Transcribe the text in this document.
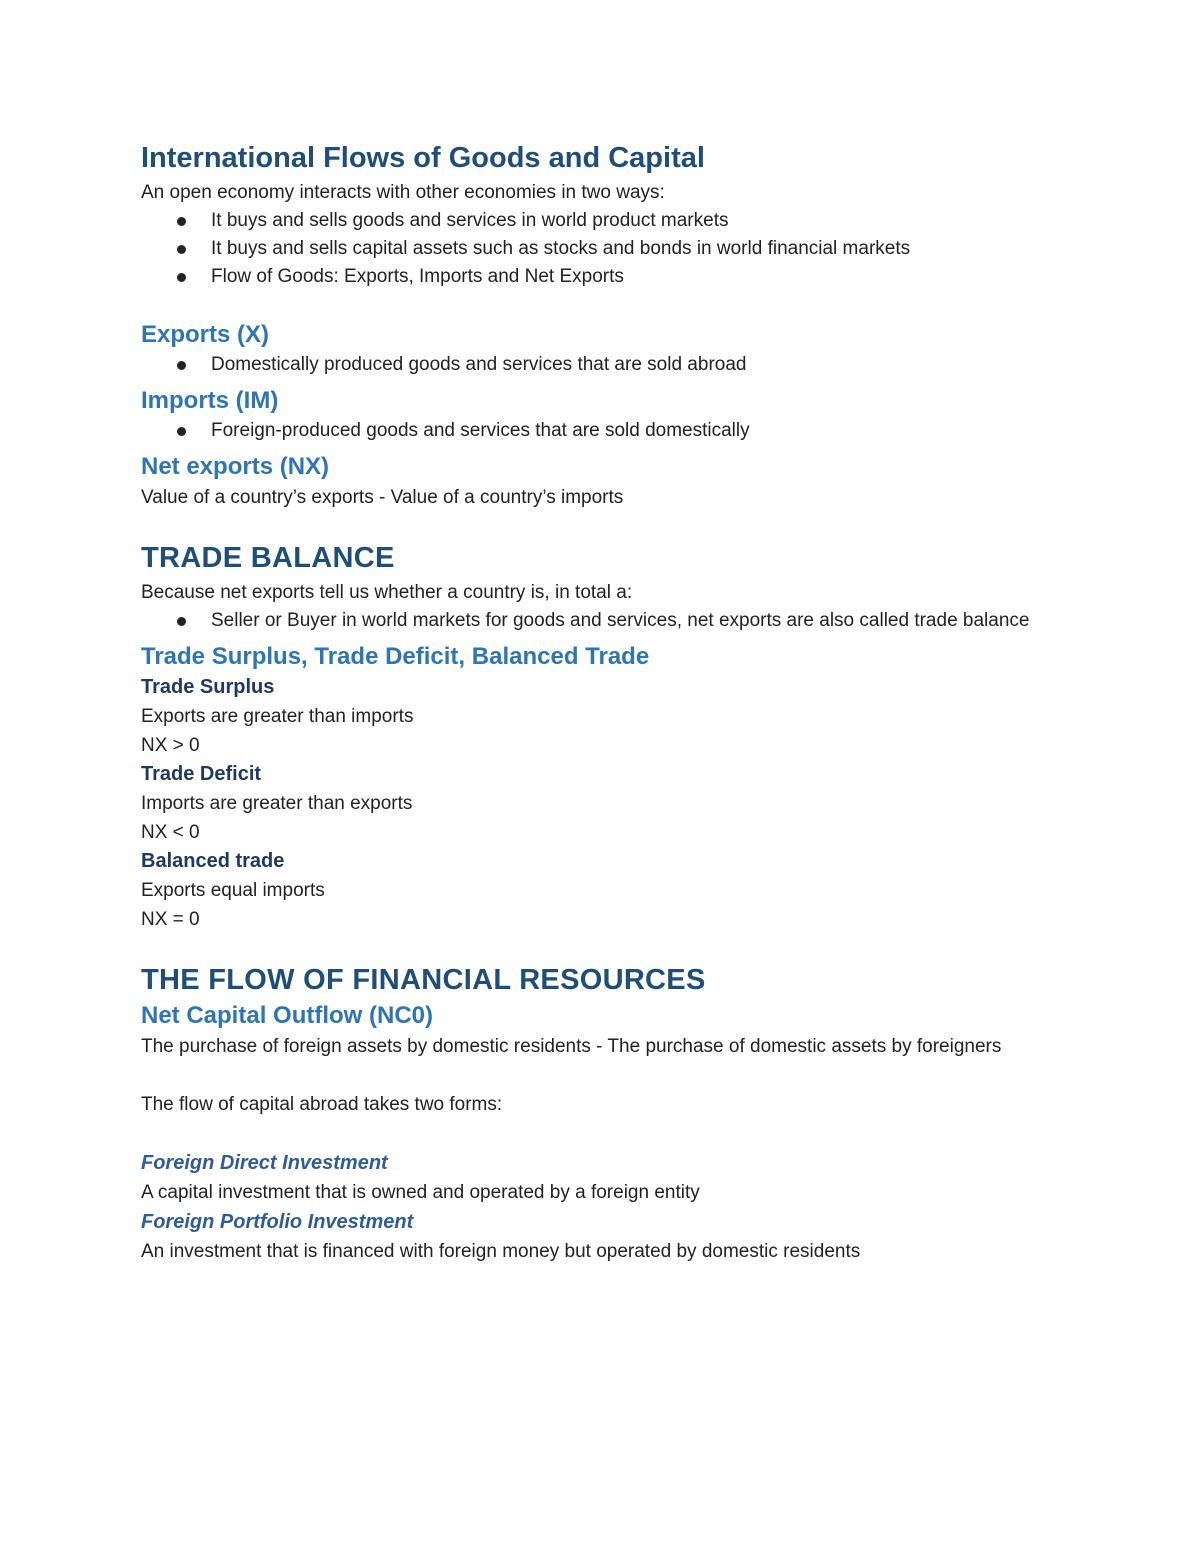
International Flows of Goods and Capital

An open economy interacts with other economies in two ways:

It buys and sells goods and services in world product markets
It buys and sells capital assets such as stocks and bonds in world financial markets
Flow of Goods: Exports, Imports and Net Exports
Exports (X)
Domestically produced goods and services that are sold abroad
Imports (IM)
Foreign-produced goods and services that are sold domestically
Net exports (NX)

Value of a country’s exports - Value of a country’s imports

TRADE BALANCE

Because net exports tell us whether a country is, in total a:

Seller or Buyer in world markets for goods and services, net exports are also called trade balance
Trade Surplus, Trade Deficit, Balanced Trade
Trade Surplus

Exports are greater than imports

NX > 0

Trade Deficit

Imports are greater than exports

NX < 0

Balanced trade

Exports equal imports

NX = 0

THE FLOW OF FINANCIAL RESOURCES
Net Capital Outflow (NC0)

The purchase of foreign assets by domestic residents - The purchase of domestic assets by foreigners

The flow of capital abroad takes two forms:

Foreign Direct Investment

A capital investment that is owned and operated by a foreign entity

Foreign Portfolio Investment

An investment that is financed with foreign money but operated by domestic residents
